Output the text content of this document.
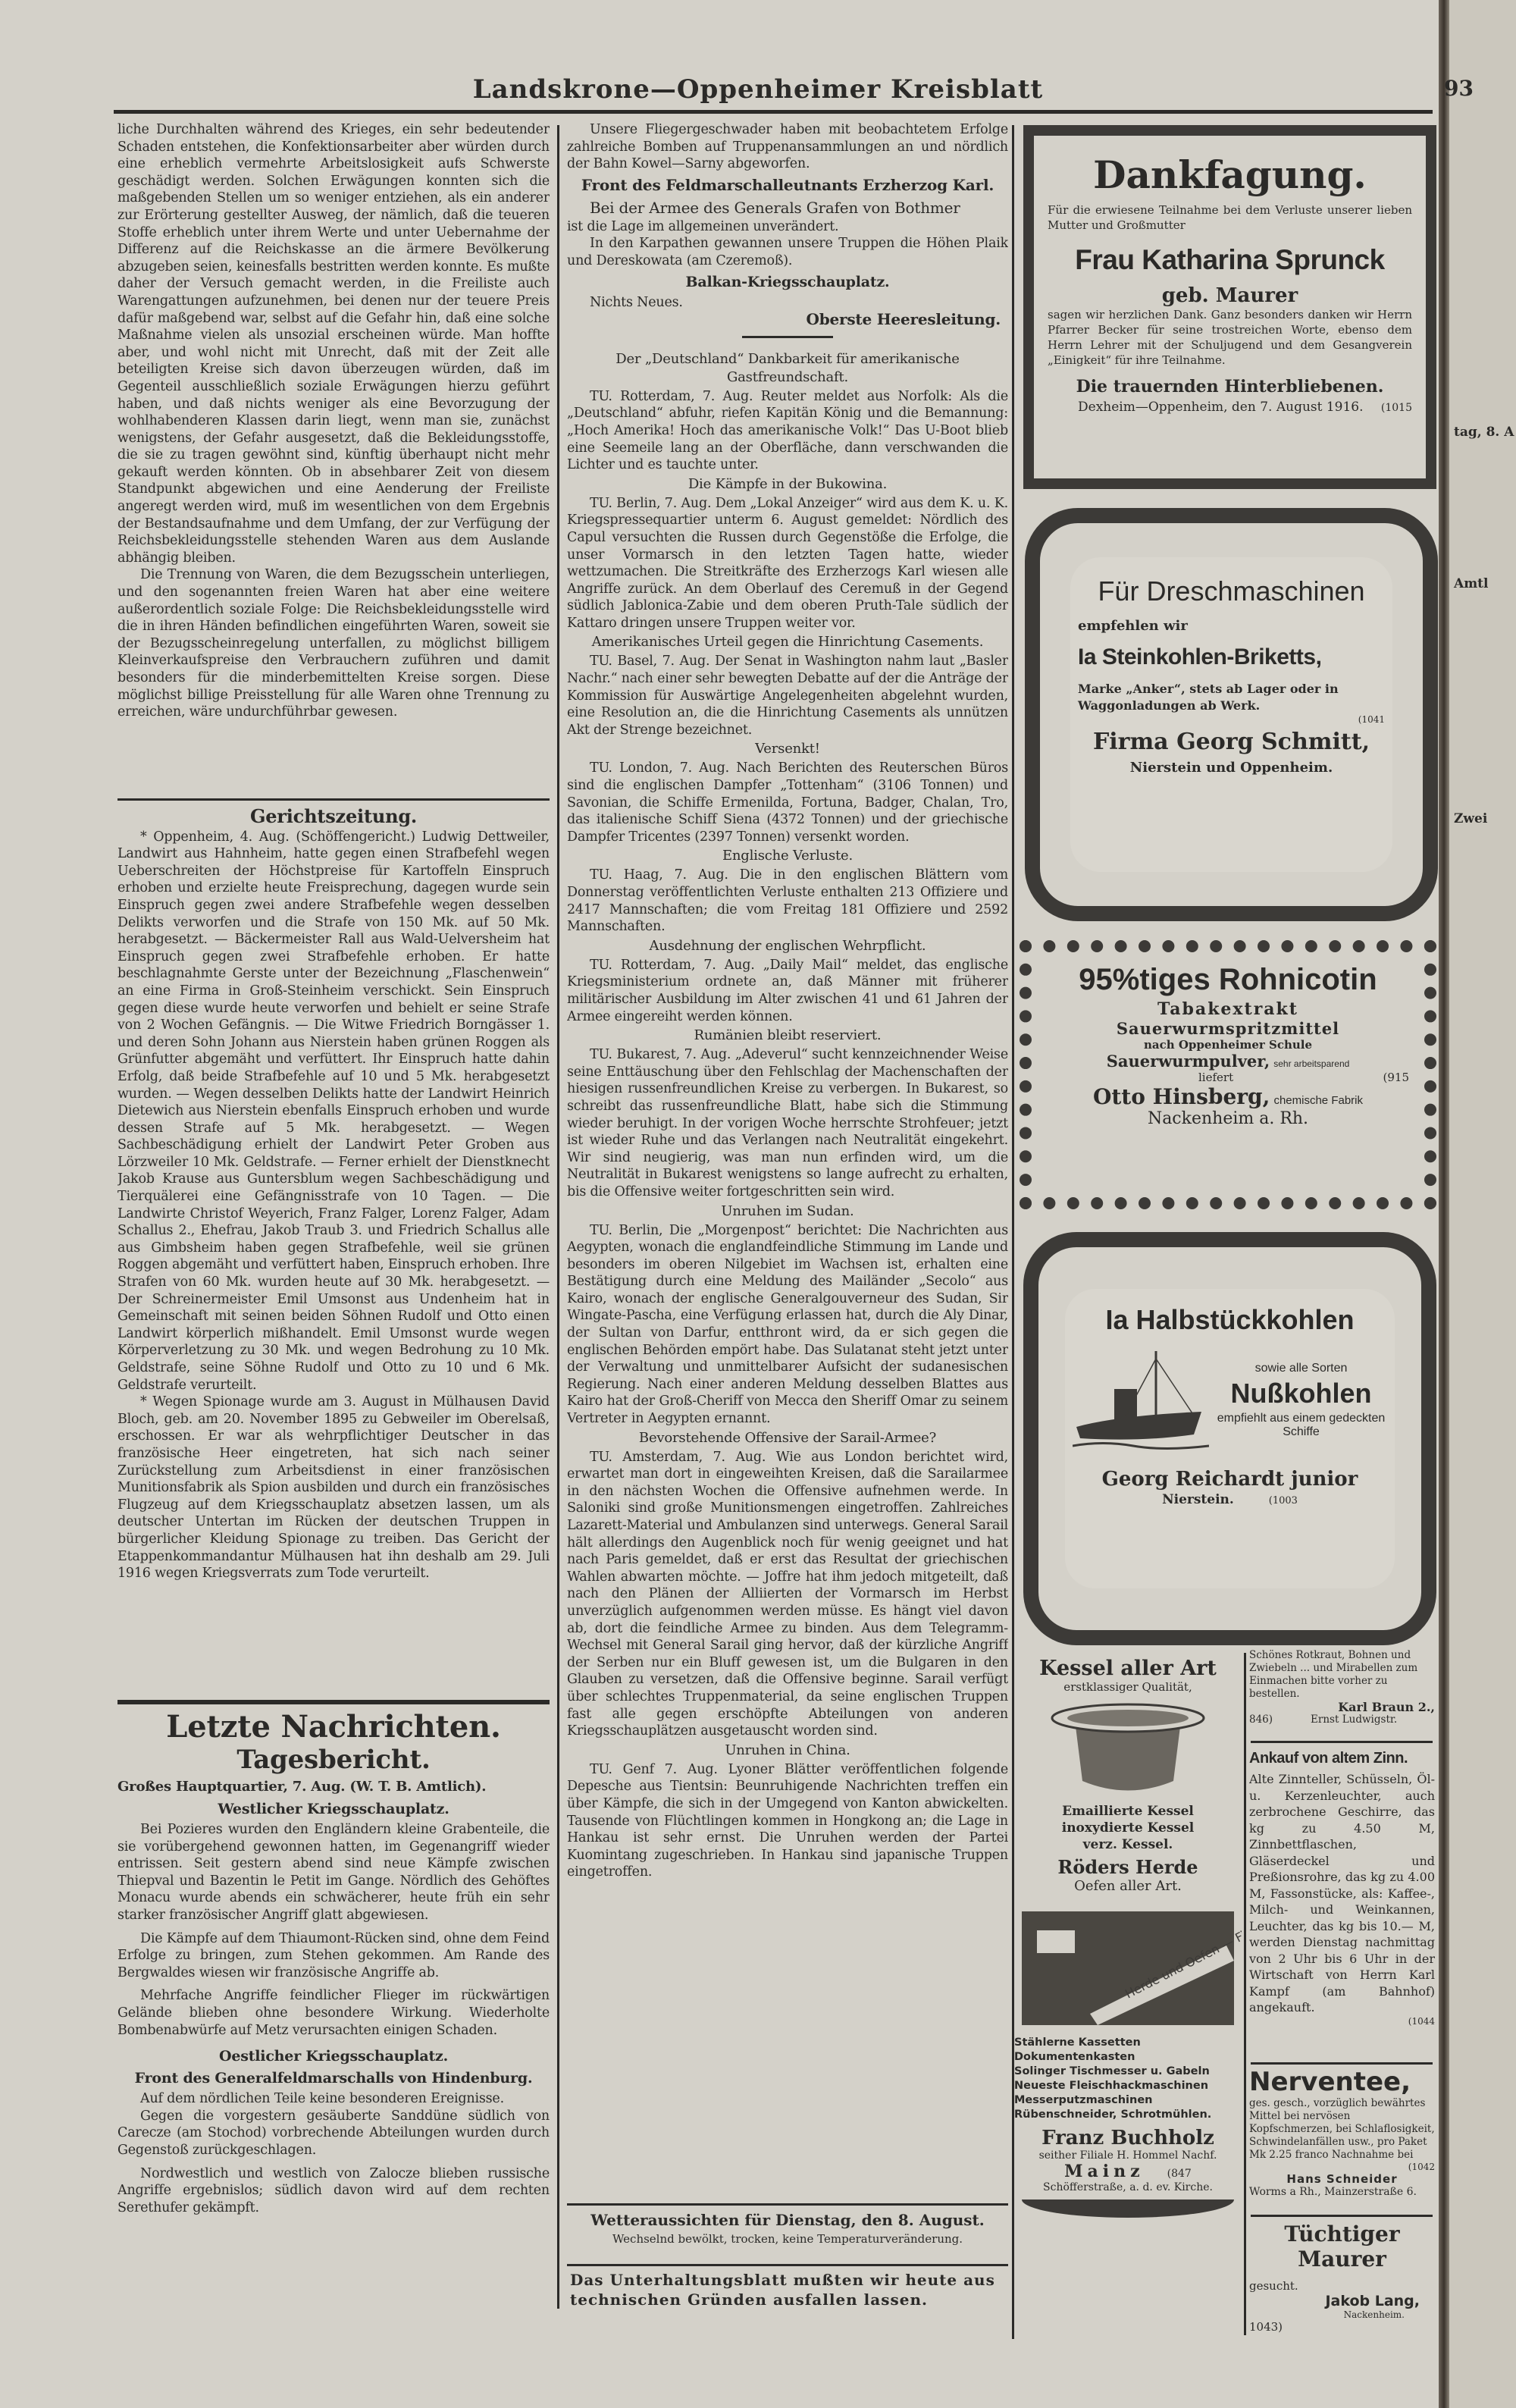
Zwei
Amtl
tag, 8. A
Landskrone—Oppenheimer Kreisblatt	93

liche Durchhalten während des Krieges, ein sehr bedeutender Schaden entstehen, die Konfektionsarbeiter aber würden durch eine erheblich vermehrte Arbeitslosigkeit aufs Schwerste geschädigt werden. Solchen Erwägungen konnten sich die maßgebenden Stellen um so weniger entziehen, als ein anderer zur Erörterung gestellter Ausweg, der nämlich, daß die teueren Stoffe erheblich unter ihrem Werte und unter Uebernahme der Differenz auf die Reichskasse an die ärmere Bevölkerung abzugeben seien, keinesfalls bestritten werden konnte. Es mußte daher der Versuch gemacht werden, in die Freiliste auch Warengattungen aufzunehmen, bei denen nur der teuere Preis dafür maßgebend war, selbst auf die Gefahr hin, daß eine solche Maßnahme vielen als unsozial erscheinen würde. Man hoffte aber, und wohl nicht mit Unrecht, daß mit der Zeit alle beteiligten Kreise sich davon überzeugen würden, daß im Gegenteil ausschließlich soziale Erwägungen hierzu geführt haben, und daß nichts weniger als eine Bevorzugung der wohlhabenderen Klassen darin liegt, wenn man sie, zunächst wenigstens, der Gefahr ausgesetzt, daß die Bekleidungsstoffe, die sie zu tragen gewöhnt sind, künftig überhaupt nicht mehr gekauft werden könnten. Ob in absehbarer Zeit von diesem Standpunkt abgewichen und eine Aenderung der Freiliste angeregt werden wird, muß im wesentlichen von dem Ergebnis der Bestandsaufnahme und dem Umfang, der zur Verfügung der Reichsbekleidungsstelle stehenden Waren aus dem Auslande abhängig bleiben.

Die Trennung von Waren, die dem Bezugsschein unterliegen, und den sogenannten freien Waren hat aber eine weitere außerordentlich soziale Folge: Die Reichsbekleidungsstelle wird die in ihren Händen befindlichen eingeführten Waren, soweit sie der Bezugsscheinregelung unterfallen, zu möglichst billigem Kleinverkaufspreise den Verbrauchern zuführen und damit besonders für die minderbemittelten Kreise sorgen. Diese möglichst billige Preisstellung für alle Waren ohne Trennung zu erreichen, wäre undurchführbar gewesen.

Gerichtszeitung.

* Oppenheim, 4. Aug. (Schöffengericht.) Ludwig Dettweiler, Landwirt aus Hahnheim, hatte gegen einen Strafbefehl wegen Ueberschreiten der Höchstpreise für Kartoffeln Einspruch erhoben und erzielte heute Freisprechung, dagegen wurde sein Einspruch gegen zwei andere Strafbefehle wegen desselben Delikts verworfen und die Strafe von 150 Mk. auf 50 Mk. herabgesetzt. — Bäckermeister Rall aus Wald-Uelversheim hat Einspruch gegen zwei Strafbefehle erhoben. Er hatte beschlagnahmte Gerste unter der Bezeichnung „Flaschenwein“ an eine Firma in Groß-Steinheim verschickt. Sein Einspruch gegen diese wurde heute verworfen und behielt er seine Strafe von 2 Wochen Gefängnis. — Die Witwe Friedrich Borngässer 1. und deren Sohn Johann aus Nierstein haben grünen Roggen als Grünfutter abgemäht und verfüttert. Ihr Einspruch hatte dahin Erfolg, daß beide Strafbefehle auf 10 und 5 Mk. herabgesetzt wurden. — Wegen desselben Delikts hatte der Landwirt Heinrich Dietewich aus Nierstein ebenfalls Einspruch erhoben und wurde dessen Strafe auf 5 Mk. herabgesetzt. — Wegen Sachbeschädigung erhielt der Landwirt Peter Groben aus Lörzweiler 10 Mk. Geldstrafe. — Ferner erhielt der Dienstknecht Jakob Krause aus Guntersblum wegen Sachbeschädigung und Tierquälerei eine Gefängnisstrafe von 10 Tagen. — Die Landwirte Christof Weyerich, Franz Falger, Lorenz Falger, Adam Schallus 2., Ehefrau, Jakob Traub 3. und Friedrich Schallus alle aus Gimbsheim haben gegen Strafbefehle, weil sie grünen Roggen abgemäht und verfüttert haben, Einspruch erhoben. Ihre Strafen von 60 Mk. wurden heute auf 30 Mk. herabgesetzt. — Der Schreinermeister Emil Umsonst aus Undenheim hat in Gemeinschaft mit seinen beiden Söhnen Rudolf und Otto einen Landwirt körperlich mißhandelt. Emil Umsonst wurde wegen Körperverletzung zu 30 Mk. und wegen Bedrohung zu 10 Mk. Geldstrafe, seine Söhne Rudolf und Otto zu 10 und 6 Mk. Geldstrafe verurteilt.

* Wegen Spionage wurde am 3. August in Mülhausen David Bloch, geb. am 20. November 1895 zu Gebweiler im Oberelsaß, erschossen. Er war als wehrpflichtiger Deutscher in das französische Heer eingetreten, hat sich nach seiner Zurückstellung zum Arbeitsdienst in einer französischen Munitionsfabrik als Spion ausbilden und durch ein französisches Flugzeug auf dem Kriegsschauplatz absetzen lassen, um als deutscher Untertan im Rücken der deutschen Truppen in bürgerlicher Kleidung Spionage zu treiben. Das Gericht der Etappenkommandantur Mülhausen hat ihn deshalb am 29. Juli 1916 wegen Kriegsverrats zum Tode verurteilt.

Letzte Nachrichten.
Tagesbericht.
Großes Hauptquartier, 7. Aug. (W. T. B. Amtlich).
Westlicher Kriegsschauplatz.

Bei Pozieres wurden den Engländern kleine Grabenteile, die sie vorübergehend gewonnen hatten, im Gegenangriff wieder entrissen. Seit gestern abend sind neue Kämpfe zwischen Thiepval und Bazentin le Petit im Gange. Nördlich des Gehöftes Monacu wurde abends ein schwächerer, heute früh ein sehr starker französischer Angriff glatt abgewiesen.

Die Kämpfe auf dem Thiaumont-Rücken sind, ohne dem Feind Erfolge zu bringen, zum Stehen gekommen. Am Rande des Bergwaldes wiesen wir französische Angriffe ab.

Mehrfache Angriffe feindlicher Flieger im rückwärtigen Gelände blieben ohne besondere Wirkung. Wiederholte Bombenabwürfe auf Metz verursachten einigen Schaden.

Oestlicher Kriegsschauplatz.
Front des Generalfeldmarschalls von Hindenburg.

Auf dem nördlichen Teile keine besonderen Ereignisse.

Gegen die vorgestern gesäuberte Sanddüne südlich von Carecze (am Stochod) vorbrechende Abteilungen wurden durch Gegenstoß zurückgeschlagen.

Nordwestlich und westlich von Zalocze blieben russische Angriffe ergebnislos; südlich davon wird auf dem rechten Serethufer gekämpft.

Unsere Fliegergeschwader haben mit beobachtetem Erfolge zahlreiche Bomben auf Truppenansammlungen an und nördlich der Bahn Kowel—Sarny abgeworfen.

Front des Feldmarschalleutnants Erzherzog Karl.

Bei der Armee des Generals Grafen von Bothmer

ist die Lage im allgemeinen unverändert.

In den Karpathen gewannen unsere Truppen die Höhen Plaik und Dereskowata (am Czeremoß).

Balkan-Kriegsschauplatz.

Nichts Neues.

Oberste Heeresleitung.
Der „Deutschland“ Dankbarkeit für amerikanische Gastfreundschaft.

TU. Rotterdam, 7. Aug. Reuter meldet aus Norfolk: Als die „Deutschland“ abfuhr, riefen Kapitän König und die Bemannung: „Hoch Amerika! Hoch das amerikanische Volk!“ Das U-Boot blieb eine Seemeile lang an der Oberfläche, dann verschwanden die Lichter und es tauchte unter.

Die Kämpfe in der Bukowina.

TU. Berlin, 7. Aug. Dem „Lokal Anzeiger“ wird aus dem K. u. K. Kriegspressequartier unterm 6. August gemeldet: Nördlich des Capul versuchten die Russen durch Gegenstöße die Erfolge, die unser Vormarsch in den letzten Tagen hatte, wieder wettzumachen. Die Streitkräfte des Erzherzogs Karl wiesen alle Angriffe zurück. An dem Oberlauf des Ceremuß in der Gegend südlich Jablonica-Zabie und dem oberen Pruth-Tale südlich der Kattaro dringen unsere Truppen weiter vor.

Amerikanisches Urteil gegen die Hinrichtung Casements.

TU. Basel, 7. Aug. Der Senat in Washington nahm laut „Basler Nachr.“ nach einer sehr bewegten Debatte auf der die Anträge der Kommission für Auswärtige Angelegenheiten abgelehnt wurden, eine Resolution an, die die Hinrichtung Casements als unnützen Akt der Strenge bezeichnet.

Versenkt!

TU. London, 7. Aug. Nach Berichten des Reuterschen Büros sind die englischen Dampfer „Tottenham“ (3106 Tonnen) und Savonian, die Schiffe Ermenilda, Fortuna, Badger, Chalan, Tro, das italienische Schiff Siena (4372 Tonnen) und der griechische Dampfer Tricentes (2397 Tonnen) versenkt worden.

Englische Verluste.

TU. Haag, 7. Aug. Die in den englischen Blättern vom Donnerstag veröffentlichten Verluste enthalten 213 Offiziere und 2417 Mannschaften; die vom Freitag 181 Offiziere und 2592 Mannschaften.

Ausdehnung der englischen Wehrpflicht.

TU. Rotterdam, 7. Aug. „Daily Mail“ meldet, das englische Kriegsministerium ordnete an, daß Männer mit früherer militärischer Ausbildung im Alter zwischen 41 und 61 Jahren der Armee eingereiht werden können.

Rumänien bleibt reserviert.

TU. Bukarest, 7. Aug. „Adeverul“ sucht kennzeichnender Weise seine Enttäuschung über den Fehlschlag der Machenschaften der hiesigen russenfreundlichen Kreise zu verbergen. In Bukarest, so schreibt das russenfreundliche Blatt, habe sich die Stimmung wieder beruhigt. In der vorigen Woche herrschte Strohfeuer; jetzt ist wieder Ruhe und das Verlangen nach Neutralität eingekehrt. Wir sind neugierig, was man nun erfinden wird, um die Neutralität in Bukarest wenigstens so lange aufrecht zu erhalten, bis die Offensive weiter fortgeschritten sein wird.

Unruhen im Sudan.

TU. Berlin, Die „Morgenpost“ berichtet: Die Nachrichten aus Aegypten, wonach die englandfeindliche Stimmung im Lande und besonders im oberen Nilgebiet im Wachsen ist, erhalten eine Bestätigung durch eine Meldung des Mailänder „Secolo“ aus Kairo, wonach der englische Generalgouverneur des Sudan, Sir Wingate-Pascha, eine Verfügung erlassen hat, durch die Aly Dinar, der Sultan von Darfur, entthront wird, da er sich gegen die englischen Behörden empört habe. Das Sulatanat steht jetzt unter der Verwaltung und unmittelbarer Aufsicht der sudanesischen Regierung. Nach einer anderen Meldung desselben Blattes aus Kairo hat der Groß-Cheriff von Mecca den Sheriff Omar zu seinem Vertreter in Aegypten ernannt.

Bevorstehende Offensive der Sarail-Armee?

TU. Amsterdam, 7. Aug. Wie aus London berichtet wird, erwartet man dort in eingeweihten Kreisen, daß die Sarailarmee in den nächsten Wochen die Offensive aufnehmen werde. In Saloniki sind große Munitionsmengen eingetroffen. Zahlreiches Lazarett-Material und Ambulanzen sind unterwegs. General Sarail hält allerdings den Augenblick noch für wenig geeignet und hat nach Paris gemeldet, daß er erst das Resultat der griechischen Wahlen abwarten möchte. — Joffre hat ihm jedoch mitgeteilt, daß nach den Plänen der Alliierten der Vormarsch im Herbst unverzüglich aufgenommen werden müsse. Es hängt viel davon ab, dort die feindliche Armee zu binden. Aus dem Telegramm-Wechsel mit General Sarail ging hervor, daß der kürzliche Angriff der Serben nur ein Bluff gewesen ist, um die Bulgaren in den Glauben zu versetzen, daß die Offensive beginne. Sarail verfügt über schlechtes Truppenmaterial, da seine englischen Truppen fast alle gegen erschöpfte Abteilungen von anderen Kriegsschauplätzen ausgetauscht worden sind.

Unruhen in China.

TU. Genf 7. Aug. Lyoner Blätter veröffentlichen folgende Depesche aus Tientsin: Beunruhigende Nachrichten treffen ein über Kämpfe, die sich in der Umgegend von Kanton abwickelten. Tausende von Flüchtlingen kommen in Hongkong an; die Lage in Hankau ist sehr ernst. Die Unruhen werden der Partei Kuomintang zugeschrieben. In Hankau sind japanische Truppen eingetroffen.

Wetteraussichten für Dienstag, den 8. August.
Wechselnd bewölkt, trocken, keine Temperaturveränderung.
Das Unterhaltungsblatt mußten wir heute aus technischen Gründen ausfallen lassen.
Dankfagung.
Für die erwiesene Teilnahme bei dem Verluste unserer lieben Mutter und Großmutter
Frau Katharina Sprunck
geb. Maurer
sagen wir herzlichen Dank. Ganz besonders danken wir Herrn Pfarrer Becker für seine trostreichen Worte, ebenso dem Herrn Lehrer mit der Schuljugend und dem Gesangverein „Einigkeit“ für ihre Teilnahme.
Die trauernden Hinterbliebenen.
Dexheim—Oppenheim, den 7. August 1916. (1015
Für Dreschmaschinen
empfehlen wir
Ia Steinkohlen-Briketts,
Marke „Anker“, stets ab Lager oder in Waggonladungen ab Werk.
(1041
Firma Georg Schmitt,
Nierstein und Oppenheim.
95%tiges Rohnicotin
Tabakextrakt
Sauerwurmspritzmittel
nach Oppenheimer Schule
Sauerwurmpulver, sehr arbeitsparend
liefert	(915
Otto Hinsberg, chemische Fabrik
Nackenheim a. Rh.
Ia Halbstückkohlen
sowie alle Sorten
Nußkohlen
empfiehlt aus einem gedeckten Schiffe
Georg Reichardt junior
Nierstein.	(1003
Kessel aller Art
erstklassiger Qualität,
Emaillierte Kessel
inoxydierte Kessel
verz. Kessel.
Röders Herde
Oefen aller Art.
Herde und Oefen — Fil.
Stählerne Kassetten
Dokumentenkasten
Solinger Tischmesser u. Gabeln
Neueste Fleischhackmaschinen
Messerputzmaschinen
Rübenschneider, Schrotmühlen.
Franz Buchholz
seither Filiale H. Hommel Nachf.
Mainz (847
Schöfferstraße, a. d. ev. Kirche.
Schönes Rotkraut, Bohnen und Zwiebeln ... und Mirabellen zum Einmachen bitte vorher zu bestellen.
Karl Braun 2.,
846)	Ernst Ludwigstr.
Ankauf von altem Zinn.
Alte Zinnteller, Schüsseln, Öl- u. Kerzenleuchter, auch zerbrochene Geschirre, das kg zu 4.50 M, Zinnbettflaschen, Gläserdeckel und Preßionsrohre, das kg zu 4.00 M, Fassonstücke, als: Kaffee-, Milch- und Weinkannen, Leuchter, das kg bis 10.— M, werden Dienstag nachmittag von 2 Uhr bis 6 Uhr in der Wirtschaft von Herrn Karl Kampf (am Bahnhof) angekauft.
(1044
Nerventee,
ges. gesch., vorzüglich bewährtes Mittel bei nervösen Kopfschmerzen, bei Schlaflosigkeit, Schwindelanfällen usw., pro Paket Mk 2.25 franco Nachnahme bei
(1042
Hans Schneider
Worms a Rh., Mainzerstraße 6.
Tüchtiger Maurer
gesucht.
Jakob Lang,
Nackenheim.
1043)
